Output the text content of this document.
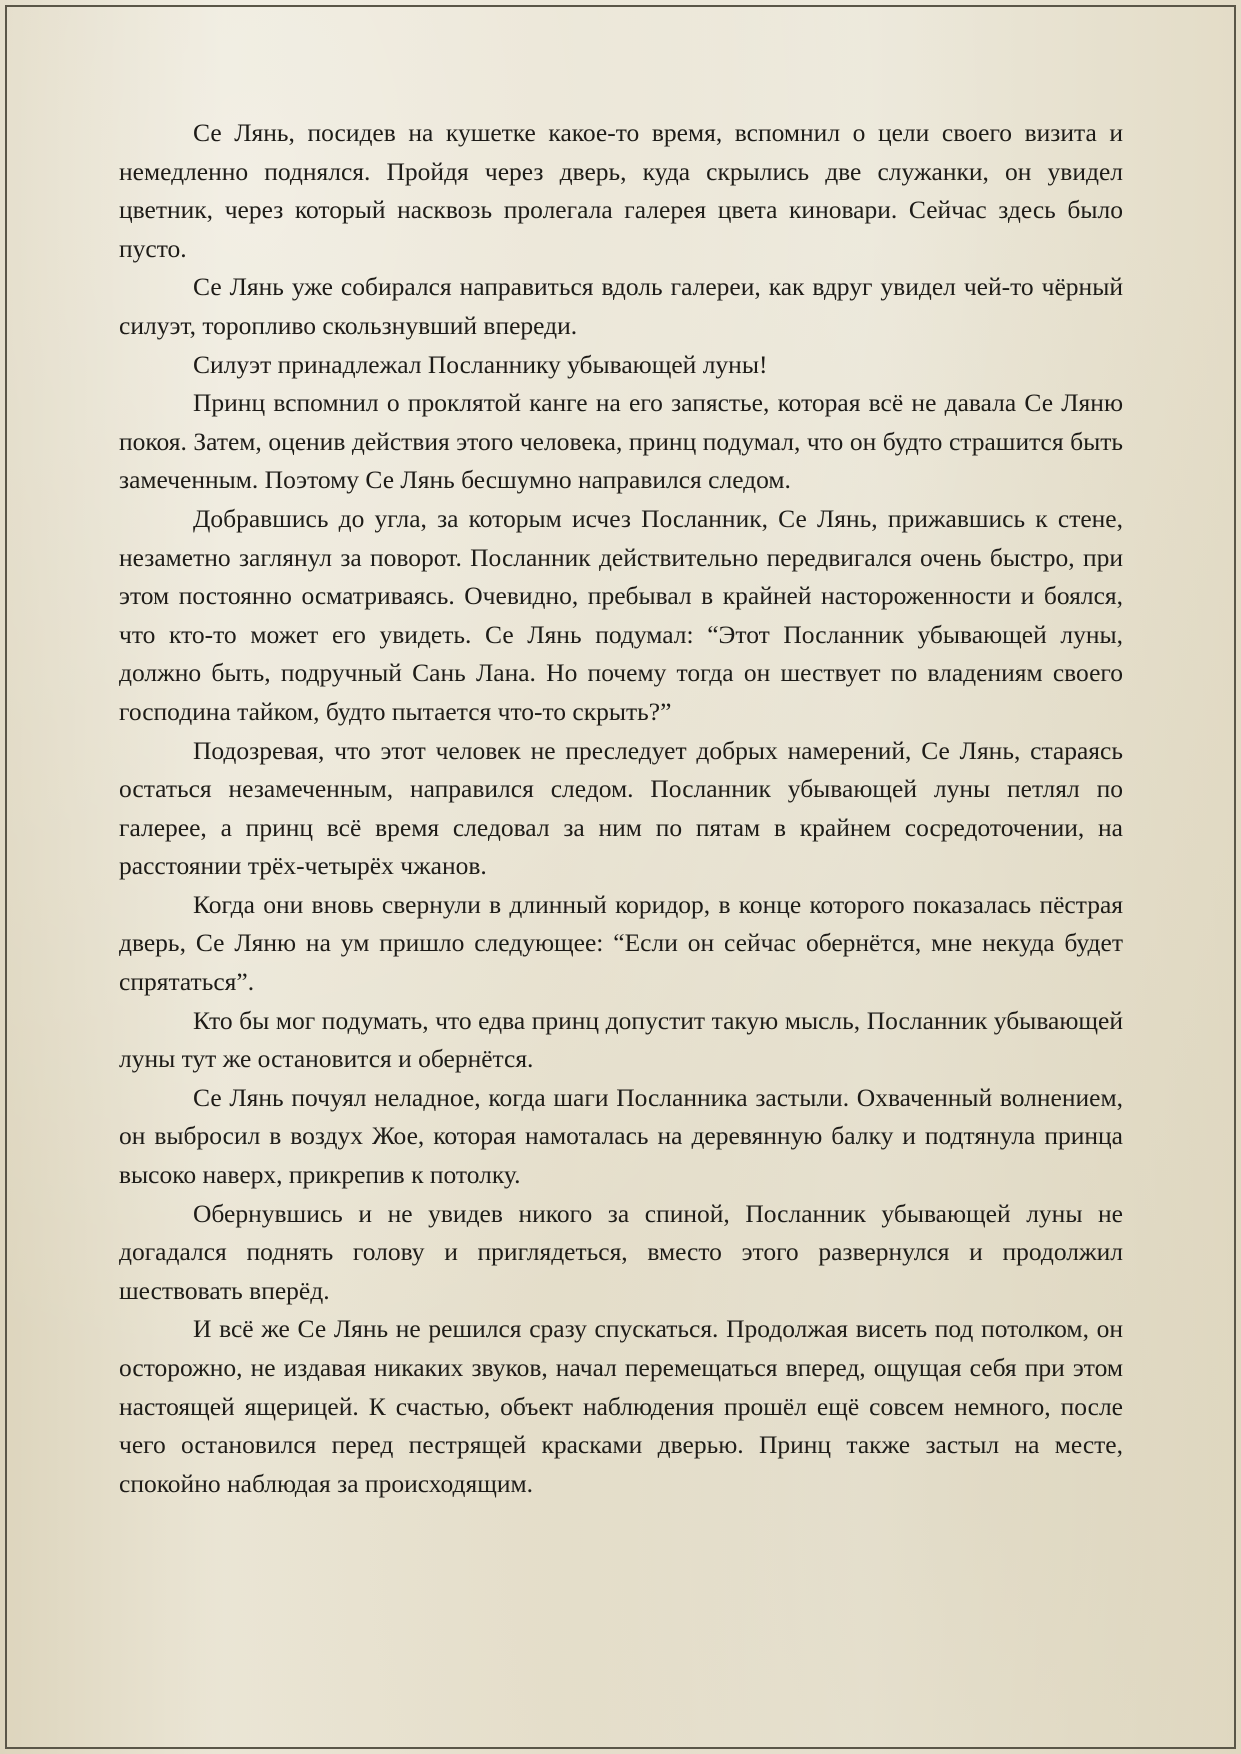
Се Лянь, посидев на кушетке какое-то время, вспомнил о цели своего визита и немедленно поднялся. Пройдя через дверь, куда скрылись две служанки, он увидел цветник, через который насквозь пролегала галерея цвета киновари. Сейчас здесь было пусто.

Се Лянь уже собирался направиться вдоль галереи, как вдруг увидел чей-то чёрный силуэт, торопливо скользнувший впереди.

Силуэт принадлежал Посланнику убывающей луны!

Принц вспомнил о проклятой канге на его запястье, которая всё не давала Се Ляню покоя. Затем, оценив действия этого человека, принц подумал, что он будто страшится быть замеченным. Поэтому Се Лянь бесшумно направился следом.

Добравшись до угла, за которым исчез Посланник, Се Лянь, прижавшись к стене, незаметно заглянул за поворот. Посланник действительно передвигался очень быстро, при этом постоянно осматриваясь. Очевидно, пребывал в крайней настороженности и боялся, что кто-то может его увидеть. Се Лянь подумал: “Этот Посланник убывающей луны, должно быть, подручный Сань Лана. Но почему тогда он шествует по владениям своего господина тайком, будто пытается что-то скрыть?”

Подозревая, что этот человек не преследует добрых намерений, Се Лянь, стараясь остаться незамеченным, направился следом. Посланник убывающей луны петлял по галерее, а принц всё время следовал за ним по пятам в крайнем сосредоточении, на расстоянии трёх-четырёх чжанов.

Когда они вновь свернули в длинный коридор, в конце которого показалась пёстрая дверь, Се Ляню на ум пришло следующее: “Если он сейчас обернётся, мне некуда будет спрятаться”.

Кто бы мог подумать, что едва принц допустит такую мысль, Посланник убывающей луны тут же остановится и обернётся.

Се Лянь почуял неладное, когда шаги Посланника застыли. Охваченный волнением, он выбросил в воздух Жое, которая намоталась на деревянную балку и подтянула принца высоко наверх, прикрепив к потолку.

Обернувшись и не увидев никого за спиной, Посланник убывающей луны не догадался поднять голову и приглядеться, вместо этого развернулся и продолжил шествовать вперёд.

И всё же Се Лянь не решился сразу спускаться. Продолжая висеть под потолком, он осторожно, не издавая никаких звуков, начал перемещаться вперед, ощущая себя при этом настоящей ящерицей. К счастью, объект наблюдения прошёл ещё совсем немного, после чего остановился перед пестрящей красками дверью. Принц также застыл на месте, спокойно наблюдая за происходящим.
